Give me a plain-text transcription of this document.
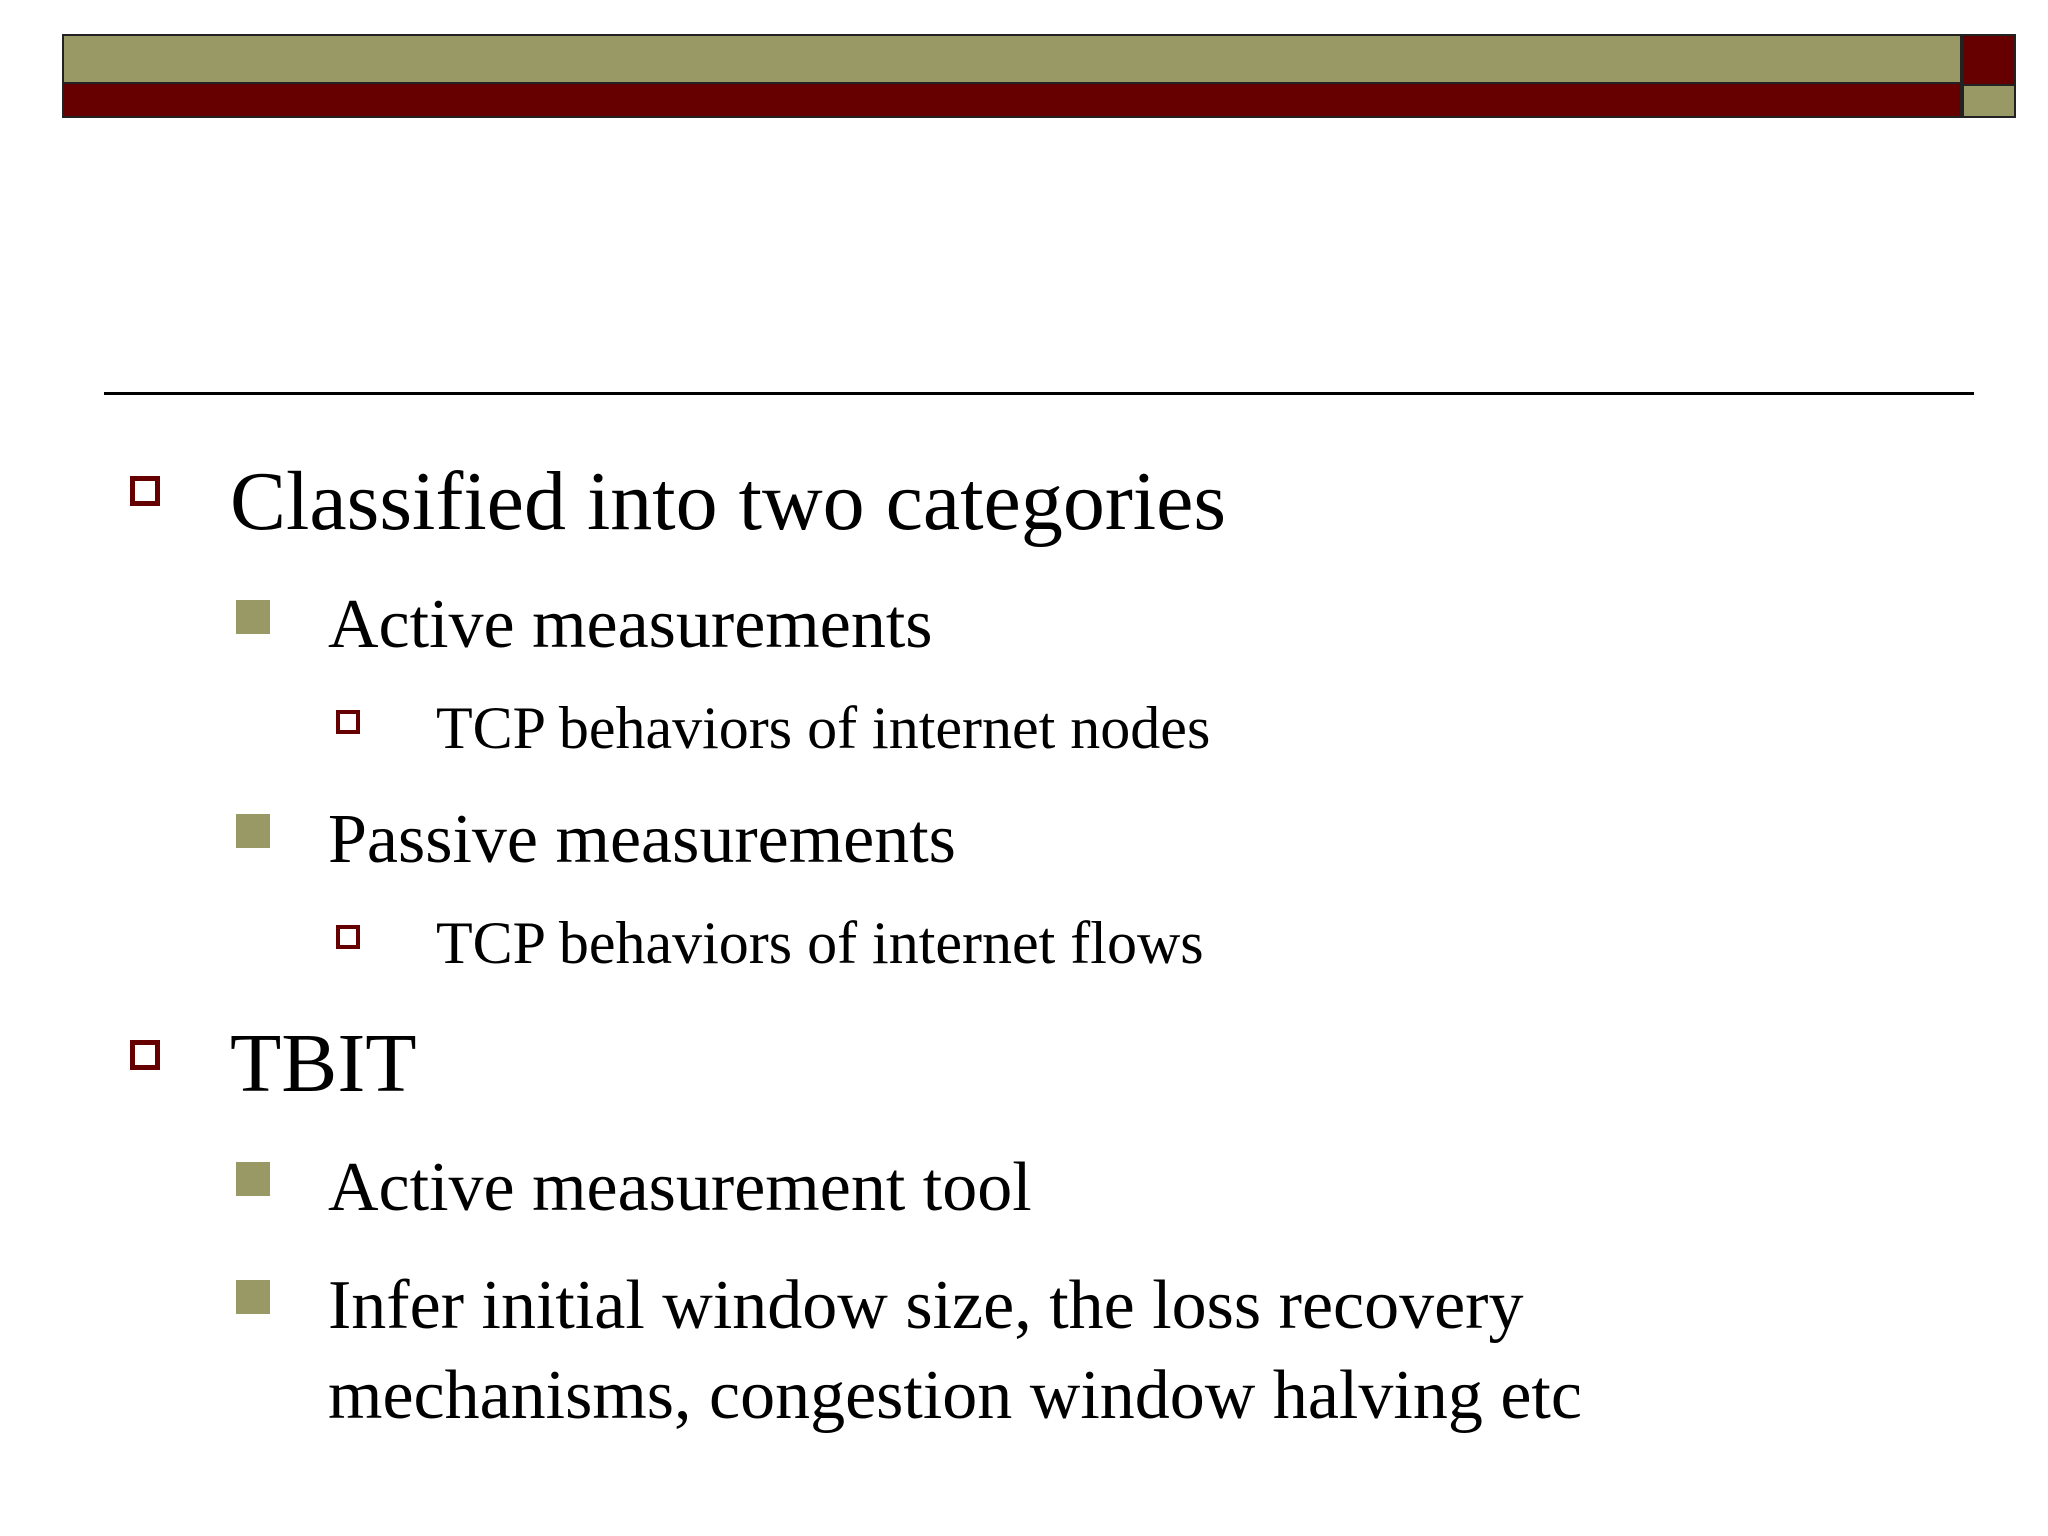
Classified into two categories
Active measurements
TCP behaviors of internet nodes
Passive measurements
TCP behaviors of internet flows
TBIT
Active measurement tool
Infer initial window size, the loss recovery
mechanisms, congestion window halving etc
